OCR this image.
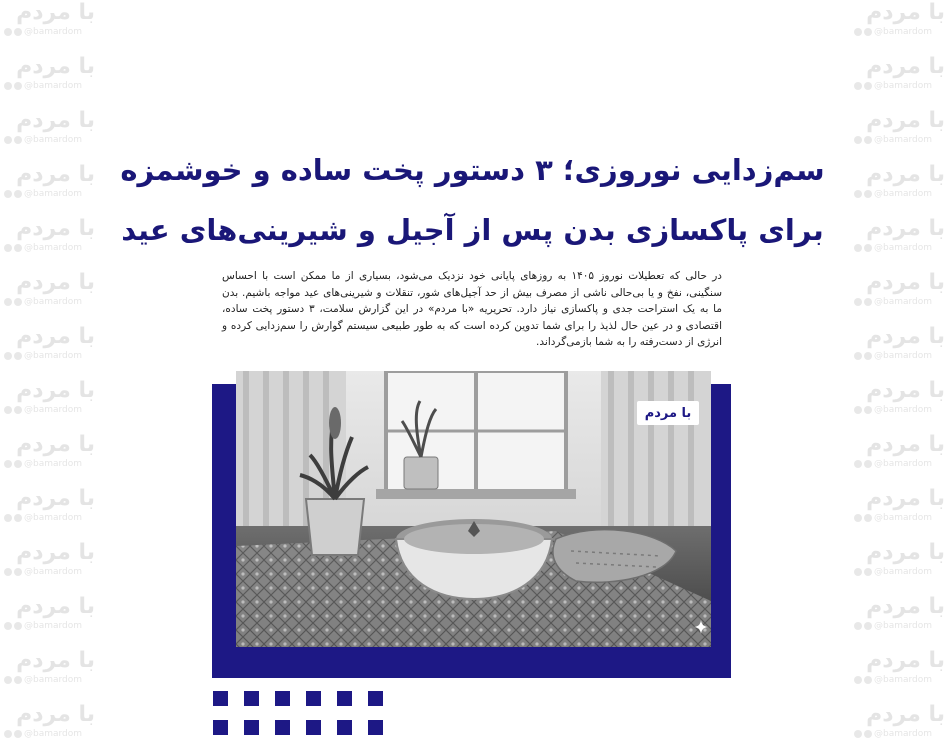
با مردم
@bamardom
با مردم
@bamardom
با مردم
@bamardom
با مردم
@bamardom
با مردم
@bamardom
با مردم
@bamardom
با مردم
@bamardom
با مردم
@bamardom
با مردم
@bamardom
با مردم
@bamardom
با مردم
@bamardom
با مردم
@bamardom
با مردم
@bamardom
با مردم
@bamardom
با مردم
@bamardom
با مردم
@bamardom
با مردم
@bamardom
با مردم
@bamardom
با مردم
@bamardom
با مردم
@bamardom
با مردم
@bamardom
با مردم
@bamardom
با مردم
@bamardom
با مردم
@bamardom
با مردم
@bamardom
با مردم
@bamardom
با مردم
@bamardom
با مردم
@bamardom
سم‌زدایی نوروزی؛ ۳ دستور پخت ساده و خوشمزه
برای پاکسازی بدن پس از آجیل و شیرینی‌های عید

در حالی که تعطیلات نوروز ۱۴۰۵ به روزهای پایانی خود نزدیک می‌شود، بسیاری از ما ممکن است با احساس سنگینی، نفخ و یا بی‌حالی ناشی از مصرف بیش از حد آجیل‌های شور، تنقلات و شیرینی‌های عید مواجه باشیم. بدن ما به یک استراحت جدی و پاکسازی نیاز دارد. تحریریه «با مردم» در این گزارش سلامت، ۳ دستور پخت ساده، اقتصادی و در عین حال لذیذ را برای شما تدوین کرده است که به طور طبیعی سیستم گوارش را سم‌زدایی کرده و انرژی از دست‌رفته را به شما بازمی‌گرداند.

با مردم
